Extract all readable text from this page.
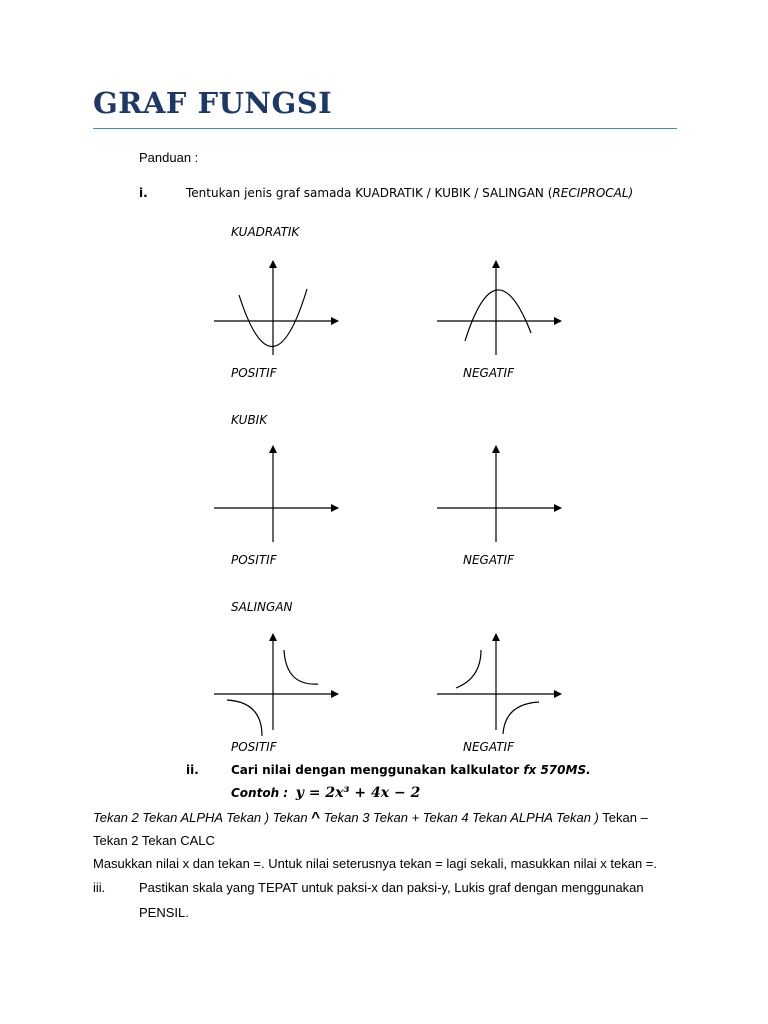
GRAF FUNGSI
Panduan :
i.	Tentukan jenis graf samada KUADRATIK / KUBIK / SALINGAN (RECIPROCAL)
KUADRATIK
POSITIF	NEGATIF
KUBIK
POSITIF	NEGATIF
SALINGAN
POSITIF	NEGATIF
ii.	Cari nilai dengan menggunakan kalkulator fx 570MS.
Contoh : y = 2x³ + 4x − 2
Tekan 2 Tekan ALPHA Tekan ) Tekan ^ Tekan 3 Tekan + Tekan 4 Tekan ALPHA Tekan ) Tekan –
Tekan 2 Tekan CALC
Masukkan nilai x dan tekan =. Untuk nilai seterusnya tekan = lagi sekali, masukkan nilai x tekan =.
iii.	Pastikan skala yang TEPAT untuk paksi-x dan paksi-y, Lukis graf dengan menggunakan
PENSIL.
